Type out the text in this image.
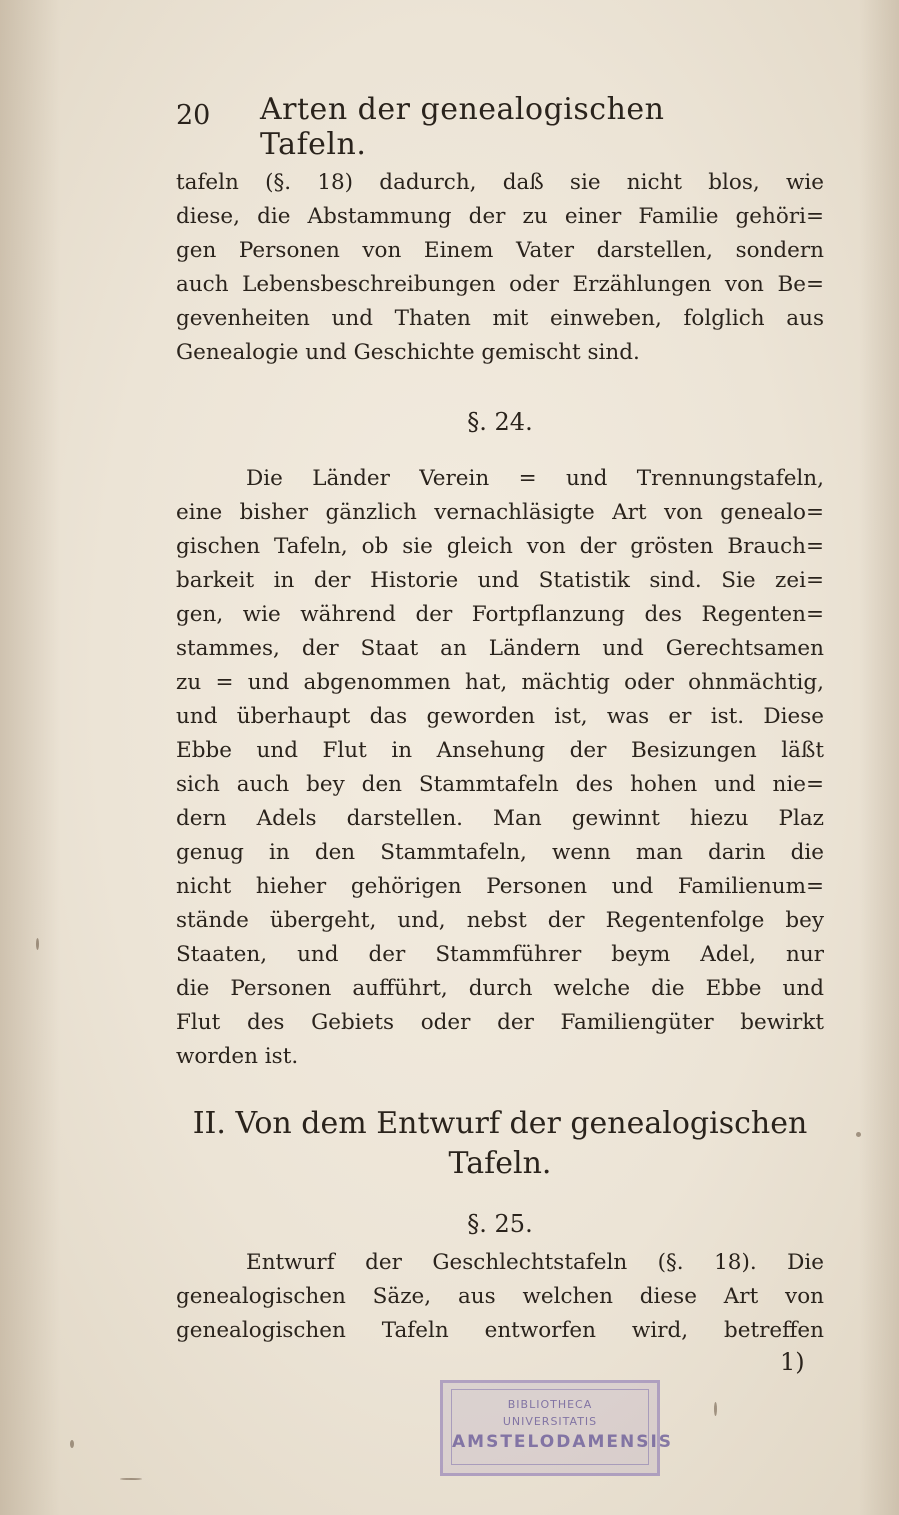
20 Arten der genealogischen Tafeln.
tafeln (§. 18) dadurch, daß sie nicht blos, wie
diese, die Abstammung der zu einer Familie gehöri=
gen Personen von Einem Vater darstellen, sondern
auch Lebensbeschreibungen oder Erzählungen von Be=
gevenheiten und Thaten mit einweben, folglich aus
Genealogie und Geschichte gemischt sind.
§. 24.
Die Länder Verein = und Trennungstafeln,
eine bisher gänzlich vernachläsigte Art von genealo=
gischen Tafeln, ob sie gleich von der grösten Brauch=
barkeit in der Historie und Statistik sind. Sie zei=
gen, wie während der Fortpflanzung des Regenten=
stammes, der Staat an Ländern und Gerechtsamen
zu = und abgenommen hat, mächtig oder ohnmächtig,
und überhaupt das geworden ist, was er ist. Diese
Ebbe und Flut in Ansehung der Besizungen läßt
sich auch bey den Stammtafeln des hohen und nie=
dern Adels darstellen. Man gewinnt hiezu Plaz
genug in den Stammtafeln, wenn man darin die
nicht hieher gehörigen Personen und Familienum=
stände übergeht, und, nebst der Regentenfolge bey
Staaten, und der Stammführer beym Adel, nur
die Personen aufführt, durch welche die Ebbe und
Flut des Gebiets oder der Familiengüter bewirkt
worden ist.
II. Von dem Entwurf der genealogischen
Tafeln.
§. 25.
Entwurf der Geschlechtstafeln (§. 18). Die
genealogischen Säze, aus welchen diese Art von
genealogischen Tafeln entworfen wird, betreffen
1)
BIBLIOTHECA
UNIVERSITATIS
AMSTELODAMENSIS
